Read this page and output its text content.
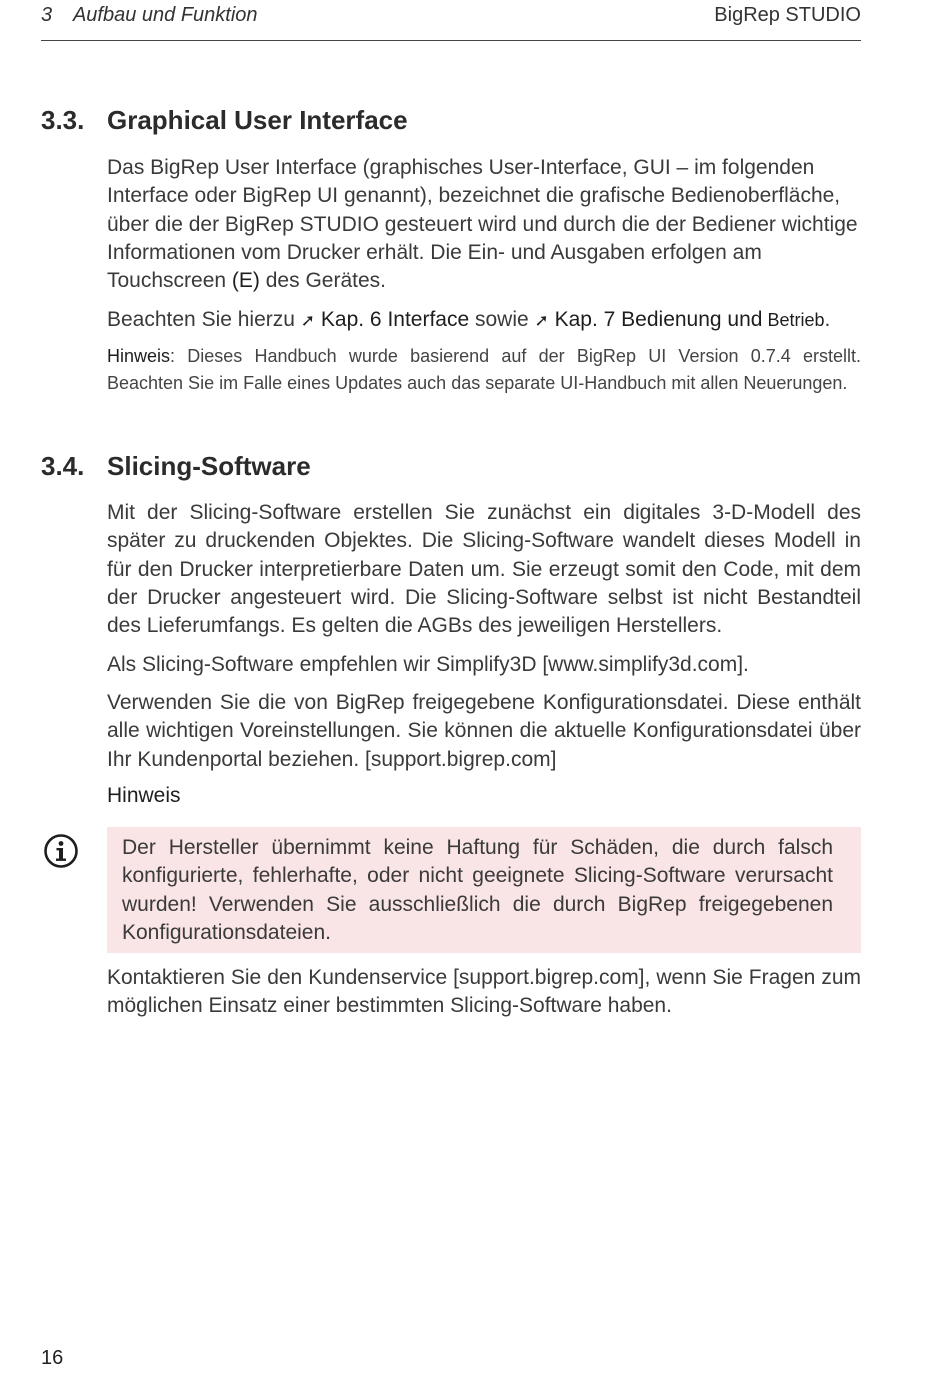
3 Aufbau und Funktion	BigRep STUDIO
3.3. Graphical User Interface

Das BigRep User Interface (graphisches User-Interface, GUI – im folgenden Interface oder BigRep UI genannt), bezeichnet die grafische Bedienoberfläche, über die der BigRep STUDIO gesteuert wird und durch die der Bediener wichtige Informationen vom Drucker erhält. Die Ein- und Ausgaben erfolgen am Touchscreen (E) des Gerätes.

Beachten Sie hierzu ➚ Kap. 6 Interface sowie ➚ Kap. 7 Bedienung und Betrieb.

Hinweis: Dieses Handbuch wurde basierend auf der BigRep UI Version 0.7.4 erstellt. Beachten Sie im Falle eines Updates auch das separate UI-Handbuch mit allen Neuerungen.

3.4. Slicing-Software

Mit der Slicing-Software erstellen Sie zunächst ein digitales 3-D-Modell des später zu druckenden Objektes. Die Slicing-Software wandelt dieses Modell in für den Drucker interpretierbare Daten um. Sie erzeugt somit den Code, mit dem der Drucker angesteuert wird. Die Slicing-Software selbst ist nicht Bestandteil des Lieferumfangs. Es gelten die AGBs des jeweiligen Herstellers.

Als Slicing-Software empfehlen wir Simplify3D [www.simplify3d.com].

Verwenden Sie die von BigRep freigegebene Konfigurationsdatei. Diese enthält alle wichtigen Voreinstellungen. Sie können die aktuelle Konfigurationsdatei über Ihr Kundenportal beziehen. [support.bigrep.com]

Hinweis

Der Hersteller übernimmt keine Haftung für Schäden, die durch falsch konfigurierte, fehlerhafte, oder nicht geeignete Slicing-Software verursacht wurden! Verwenden Sie ausschließlich die durch BigRep freigegebenen Konfigurationsdateien.

Kontaktieren Sie den Kundenservice [support.bigrep.com], wenn Sie Fragen zum möglichen Einsatz einer bestimmten Slicing-Software haben.

16
